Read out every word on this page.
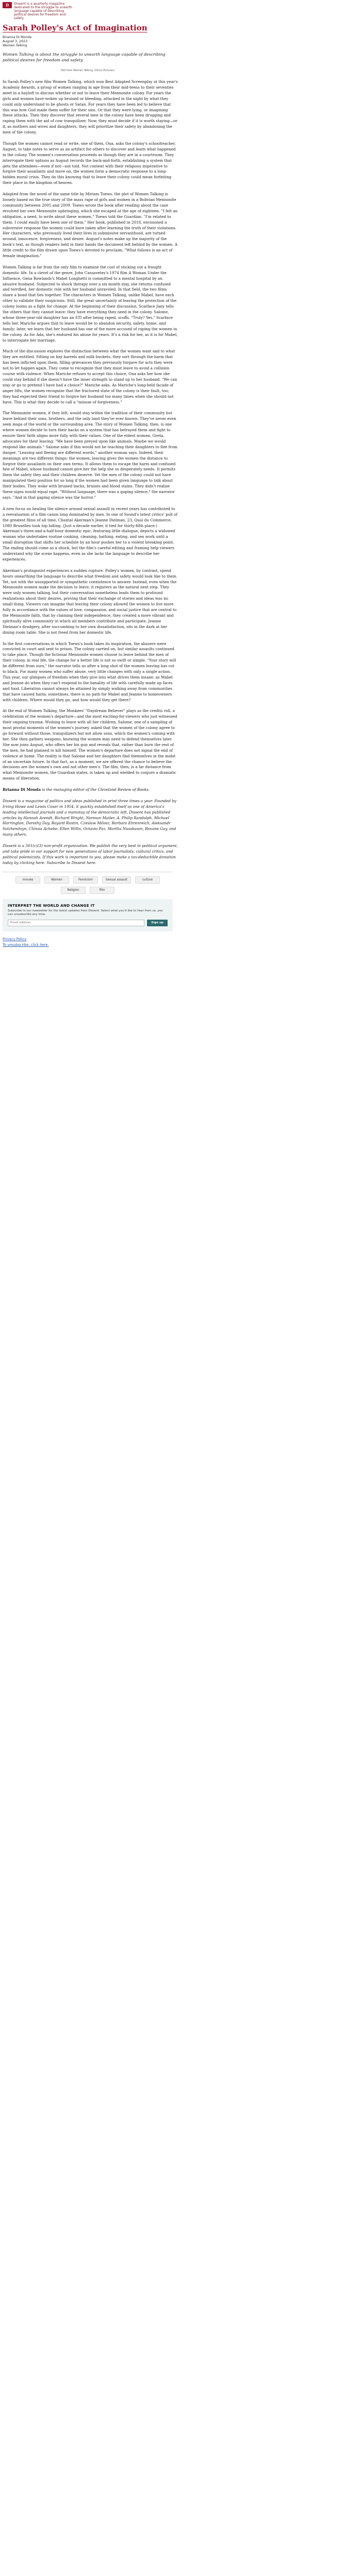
D Dissent is a quarterly magazine dedicated to the struggle to unearth language capable of describing political desires for freedom and safety
Sarah Polley's Act of Imagination
Brianna Di Monda
August 3, 2023
Women Talking
Women Talking is about the struggle to unearth language capable of describing political desires for freedom and safety.
Still from Women Talking. (Orion Pictures)

In Sarah Polley's new film Women Talking, which won Best Adapted Screenplay at this year's Academy Awards, a group of women ranging in age from their mid-teens to their seventies meet in a hayloft to discuss whether or not to leave their Mennonite colony. For years the girls and women have woken up bruised or bleeding, attacked in the night by what they could only understand to be ghosts or Satan. For years they have been led to believe that this was how God made them suffer for their sins. Or that they were lying, or imagining these attacks. Then they discover that several men in the colony have been drugging and raping them with the aid of cow tranquilizer. Now, they must decide if it is worth staying—or if, as mothers and wives and daughters, they will prioritize their safety by abandoning the men of the colony.

Though the women cannot read or write, one of them, Ona, asks the colony's schoolteacher, August, to take notes to serve as an artifact for others to discover and learn what happened in the colony. The women's conversation proceeds as though they are in a courtroom. They interrogate their options as August records the back-and-forth, establishing a system that gets the attendees—even if not—not told. Not content with their religious imperative to forgive their assailants and move on, the women form a democratic response to a long-hidden moral crisis. They do this knowing that to leave their colony could mean forfeiting their place in the kingdom of heaven.

Adapted from the novel of the same title by Miriam Toews, the plot of Women Talking is loosely based on the true story of the mass rape of girls and women in a Bolivian Mennonite community between 2005 and 2009. Toews wrote the book after reading about the case revolved her own Mennonite upbringing, which she escaped at the age of eighteen. "I felt an obligation, a need, to write about these women," Toews told the Guardian. "I'm related to them. I could easily have been one of them." Her book, published in 2018, envisioned a subversive response the women could have taken after learning the truth of their violations. Her characters, who previously lived their lives in submissive servanthood, are turned around, innocence, forgiveness, and desire. August's notes make up the majority of the book's text, as though readers held in their hands the document left behind by the women. A little credit to the film drawn upon Toews's devoted to proclaim, "What follows is an act of female imagination."

Women Talking is far from the only film to examine the cost of sticking out a fraught domestic life. In a clevel of the genre, John Cassavetes's 1974 film A Woman Under the Influence, Gena Rowlands's Mabel Longhetti is committed to a mental hospital by an abusive husband. Subjected to shock therapy over a six month stay, she returns confused and terrified, her domestic role with her husband unraveled. In that field, the two films share a bond that ties together. The characters in Women Talking, unlike Mabel, have each other to validate their suspicions. Still, the great uncertainty of leaving the protection of the colony looms as a fight for change. At the beginning of their discussion, Scarface Jany tells the others that they cannot leave: they have everything they need in the colony. Salome, whose three-year-old daughter has an STI after being raped, scoffs. "Truly? Yes," Scarface tells her. Mariche argues that to leave would be to abandon security, safety, home, and family; later, we learn that her husband has one of the more accused of raping the women in the colony. As for Ada, she's endured his abuse for years. It's a risk for her, as it is for Mabel, to interrogate her marriage.

Much of the discussion explores the distinction between what the women want and to what they are entitled. Sitting on hay barrels and milk buckets, they sort through the harm that has been inflicted upon them, filling grievances they previously forgave for acts they were not to let happen again. They come to recognize that they must leave to avoid a collision course with violence. When Mariche refuses to accept this choice, Ona asks her how she could stay behind if she doesn't have the inner strength to stand up to her husband. "We can stay or go to pretend I have had a choice?" Mariche asks. As Mariche's long-held facade of anger lifts, the women recognize that the fractured state of the colony is their fault, too; they had expected their friend to forgive her husband too many times when she should not have. This is what they decide to call a "misuse of forgiveness."

The Mennonite women, if they left, would stay within the tradition of their community but leave behind their sons, brothers, and the only land they've ever known. They've never even seen maps of the world or the surrounding area. The story of Women Talking, then, is one where women decide to turn their backs on a system that has betrayed them and fight to ensure their faith aligns more fully with their values. One of the eldest women, Greta, advocates for their leaving: "We have been preyed upon like animals. Maybe we would respond like animals." Salome asks if this would not be teaching their daughters to flee from danger. "Leaving and fleeing are different words," another woman says. Indeed, their meanings are two different things: the women, leaving gives the women the distance to forgive their assailants on their own terms. It allows them to escape the harm and confused fate of Mabel, whose husband cannot give her the help she so desperately needs. It permits them the safety they and their children deserve. Yet the men of the colony could not have manipulated their position for so long if the women had been given language to talk about their bodies. They woke with bruised backs, bruises and blood stains. They didn't realize these signs would equal rape. "Without language, there was a gaping silence," the narrator says. "And in that gaping silence was the horror."

A new focus on healing the silence around sexual assault in recent years has contributed to a reevaluation of a film canon long dominated by men. In one of Sound's latest critics' poll of the greatest films of all time, Chantal Akerman's Jeanne Dielman, 23, Quai du Commerce, 1080 Bruxelles took top billing. (Just a decade earlier, it tied for thirty-fifth place.) Akerman's three-and-a-half-hour domestic epic, featuring little dialogue, depicts a widowed woman who undertakes routine cooking, cleaning, bathing, eating, and sex work until a small disruption that shifts her schedule by an hour pushes her to a violent breaking point. The ending should come as a shock, but the film's careful editing and framing help viewers understand why the scene happens, even as she lacks the language to describe her experiences.

Akerman's protagonist experiences a sudden rupture. Polley's women, by contrast, spend hours unearthing the language to describe what freedom and safety would look like to them. Yet, not with the unsupported or sympathetic coexistence to answer. Instead, even when the Mennonite women make the decision to leave, it registers as the natural next step. They were only women talking, but their conversation nonetheless leads them to profound realizations about their desires, proving that their exchange of stories and ideas was no small thing. Viewers can imagine that leaving their colony allowed the women to live more fully in accordance with the values of love, compassion, and social justice that are central to the Mennonite faith, that by claiming their independence, they created a more vibrant and spiritually alive community in which all members contribute and participate. Jeanne Dielman's drudgery, after succumbing to her own dissatisfaction, sits in the dark at her dining room table. She is not freed from her domestic life.

In the first conversations in which Toews's book takes its inspiration, the abusers were convicted in court and sent to prison. The colony carried on, but similar assaults continued to take place. Though the fictional Mennonite women choose to leave behind the men of their colony, in real life, the change for a better life is not so swift or simple. "Your story will be different from ours," the narrator tells us after a long shot of the women leaving has cut to black. For many women who suffer abuse, very little changes with only a single action. This year, our glimpses of freedom when they give into what drives them insane, as Mabel and Jeanne do when they can't respond to the banality of life with carefully made up faces and food. Liberation cannot always be attained by simply walking away from communities that have caused harm; sometimes, there is no path for Mabel and Jeanne to homeowners with children. Where would they go, and how would they get there?

At the end of Women Talking, the Monkees' "Daydream Believer" plays as the credits roll, a celebration of the women's departure—and the most exciting-for-viewers who just witnessed their ongoing trauma. Wishing to leave with all her children, Salome, one of a sampling of most pivotal moments of the women's journey, asked that the women of the colony agree to go forward without those, tranquilizers but not allow sons, which the women's coming with her. She then gathers weapons, knowing the women may need to defend themselves later. She now joins August, who offers her his gun and reveals that, rather than burn the rest of the men, he had planned to kill himself. The women's departure does not signal the end of violence at home. The reality is that Salome and her daughters find themselves in the midst of an uncertain future. In that fact, as a moment, we are offered the chance to believe the decisions are the women's own and not other men's. The film, then, is a far distance from what Mennonite women, the Guardian states, is taken up and wielded to conjure a dramatic means of liberation.

Brianna Di Monda is the managing editor of the Cleveland Review of Books.

Dissent is a magazine of politics and ideas published in print three times a year. Founded by Irving Howe and Lewis Coser in 1954, it quickly established itself as one of America's leading intellectual journals and a mainstay of the democratic left. Dissent has published articles by Hannah Arendt, Richard Wright, Norman Mailer, A. Philip Randolph, Michael Harrington, Dorothy Day, Bayard Rustin, Czeslaw Milosz, Barbara Ehrenreich, Aleksandr Solzhenitsyn, Chinua Achebe, Ellen Willis, Octavio Paz, Martha Nussbaum, Roxane Gay, and many others.

Dissent is a 501(c)(3) non-profit organization. We publish the very best in political argument, and take pride in our support for new generations of labor journalists, cultural critics, and political polemicists. If this work is important to you, please make a tax-deductible donation today by clicking here. Subscribe to Dissent here.

movies	Women	Feminism	Sexual assault	culture
Religion	film
INTERPRET THE WORLD AND CHANGE IT
Subscribe to our newsletter for the latest updates from Dissent. Select what you'd like to hear from us, you can unsubscribe any time.
Email address
Sign up
Privacy Policy
To unsubscribe, click here.
